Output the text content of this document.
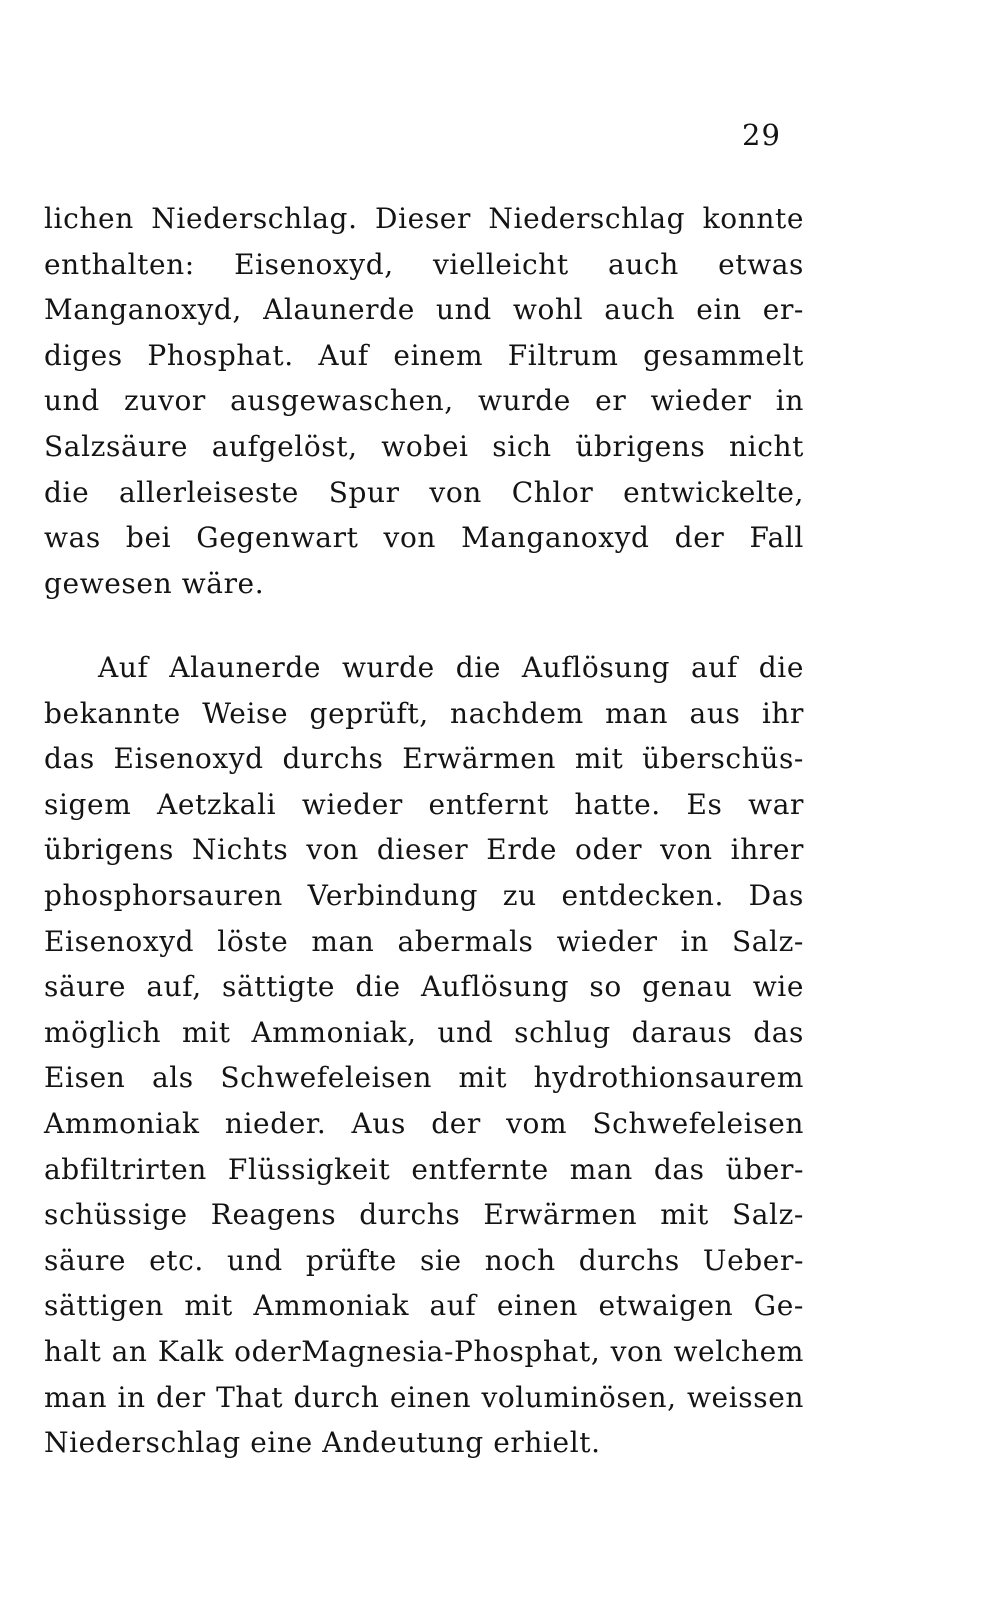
29
lichen Niederschlag. Dieser Niederschlag konnte
enthalten: Eisenoxyd, vielleicht auch etwas
Manganoxyd, Alaunerde und wohl auch ein er-
diges Phosphat. Auf einem Filtrum gesammelt
und zuvor ausgewaschen, wurde er wieder in
Salzsäure aufgelöst, wobei sich übrigens nicht
die allerleiseste Spur von Chlor entwickelte,
was bei Gegenwart von Manganoxyd der Fall
gewesen wäre.
Auf Alaunerde wurde die Auflösung auf die
bekannte Weise geprüft, nachdem man aus ihr
das Eisenoxyd durchs Erwärmen mit überschüs-
sigem Aetzkali wieder entfernt hatte. Es war
übrigens Nichts von dieser Erde oder von ihrer
phosphorsauren Verbindung zu entdecken. Das
Eisenoxyd löste man abermals wieder in Salz-
säure auf, sättigte die Auflösung so genau wie
möglich mit Ammoniak, und schlug daraus das
Eisen als Schwefeleisen mit hydrothionsaurem
Ammoniak nieder. Aus der vom Schwefeleisen
abfiltrirten Flüssigkeit entfernte man das über-
schüssige Reagens durchs Erwärmen mit Salz-
säure etc. und prüfte sie noch durchs Ueber-
sättigen mit Ammoniak auf einen etwaigen Ge-
halt an Kalk oderMagnesia-Phosphat, von welchem
man in der That durch einen voluminösen, weissen
Niederschlag eine Andeutung erhielt.
